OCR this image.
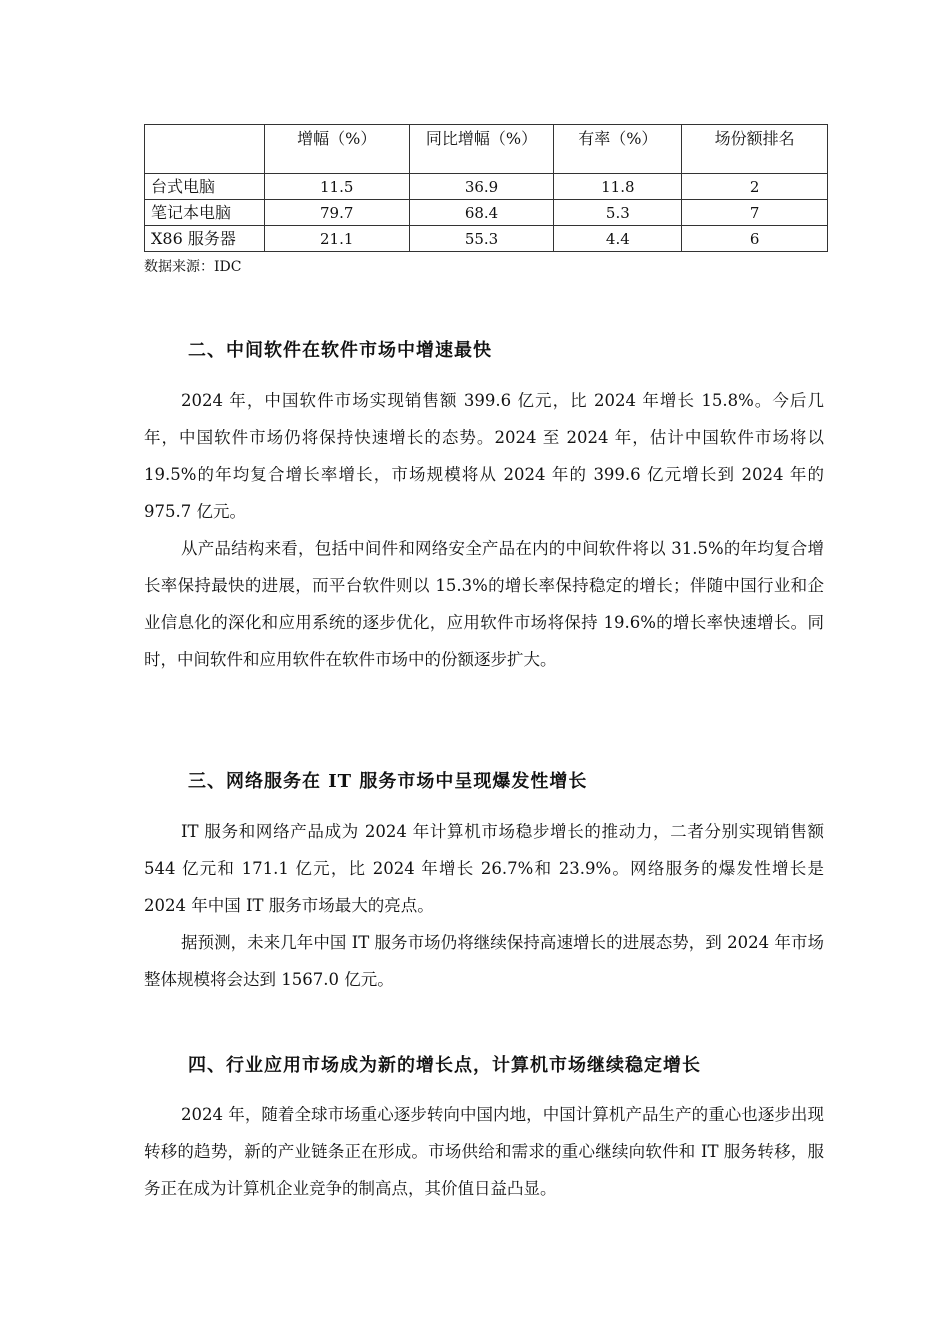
	增幅（%）	同比增幅（%）	有率（%）	场份额排名
台式电脑	11.5	36.9	11.8	2
笔记本电脑	79.7	68.4	5.3	7
X86 服务器	21.1	55.3	4.4	6
数据来源：IDC
二、中间软件在软件市场中增速最快

2024 年，中国软件市场实现销售额 399.6 亿元，比 2024 年增长 15.8%。今后几年，中国软件市场仍将保持快速增长的态势。2024 至 2024 年，估计中国软件市场将以 19.5%的年均复合增长率增长，市场规模将从 2024 年的 399.6 亿元增长到 2024 年的 975.7 亿元。

从产品结构来看，包括中间件和网络安全产品在内的中间软件将以 31.5%的年均复合增长率保持最快的进展，而平台软件则以 15.3%的增长率保持稳定的增长；伴随中国行业和企业信息化的深化和应用系统的逐步优化，应用软件市场将保持 19.6%的增长率快速增长。同时，中间软件和应用软件在软件市场中的份额逐步扩大。

三、网络服务在 IT 服务市场中呈现爆发性增长

IT 服务和网络产品成为 2024 年计算机市场稳步增长的推动力，二者分别实现销售额 544 亿元和 171.1 亿元，比 2024 年增长 26.7%和 23.9%。网络服务的爆发性增长是 2024 年中国 IT 服务市场最大的亮点。

据预测，未来几年中国 IT 服务市场仍将继续保持高速增长的进展态势，到 2024 年市场整体规模将会达到 1567.0 亿元。

四、行业应用市场成为新的增长点，计算机市场继续稳定增长

2024 年，随着全球市场重心逐步转向中国内地，中国计算机产品生产的重心也逐步出现转移的趋势，新的产业链条正在形成。市场供给和需求的重心继续向软件和 IT 服务转移，服务正在成为计算机企业竞争的制高点，其价值日益凸显。
